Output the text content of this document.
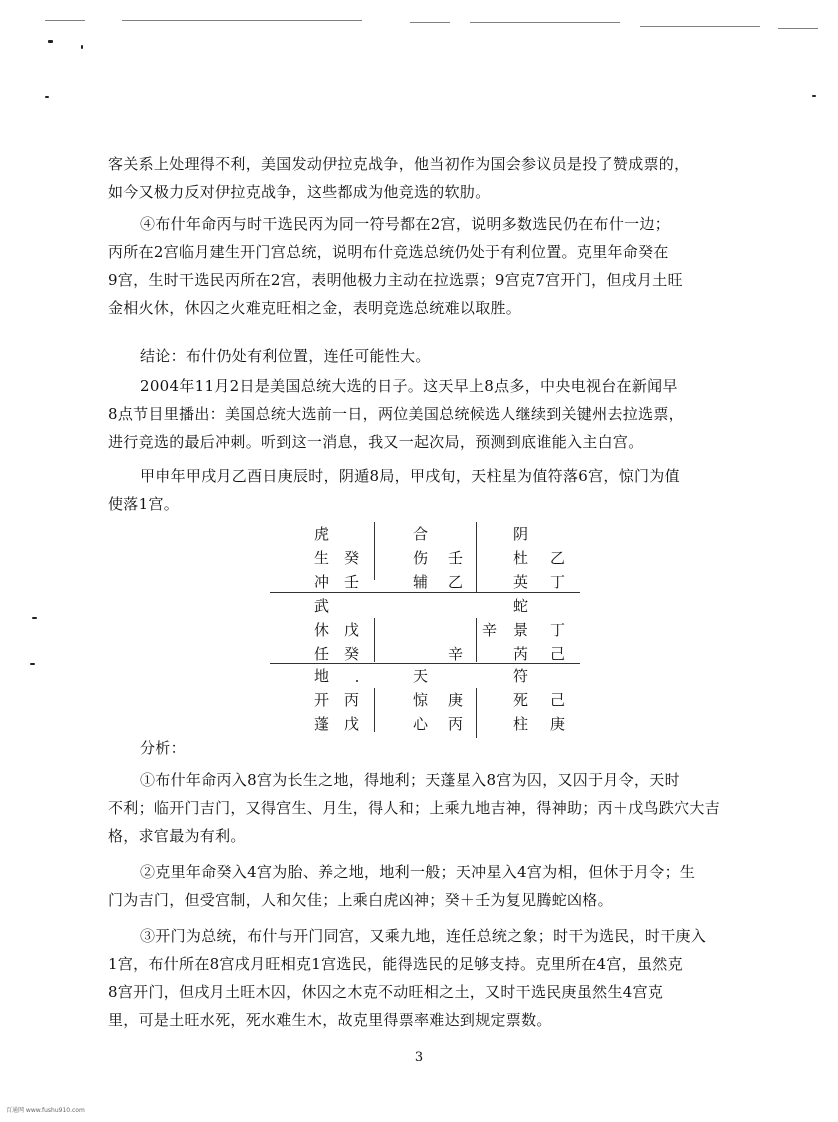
客关系上处理得不利，美国发动伊拉克战争，他当初作为国会参议员是投了赞成票的，
如今又极力反对伊拉克战争，这些都成为他竞选的软肋。

④布什年命丙与时干选民丙为同一符号都在2宫，说明多数选民仍在布什一边；
丙所在2宫临月建生开门宫总统，说明布什竞选总统仍处于有利位置。克里年命癸在
9宫，生时干选民丙所在2宫，表明他极力主动在拉选票；9宫克7宫开门，但戌月土旺
金相火休，休囚之火难克旺相之金，表明竞选总统难以取胜。

结论：布什仍处有利位置，连任可能性大。

2004年11月2日是美国总统大选的日子。这天早上8点多，中央电视台在新闻早
8点节目里播出：美国总统大选前一日，两位美国总统候选人继续到关键州去拉选票，
进行竞选的最后冲刺。听到这一消息，我又一起次局，预测到底谁能入主白宫。

甲申年甲戌月乙酉日庚辰时，阴遁8局，甲戌旬，天柱星为值符落6宫，惊门为值
使落1宫。

虎
生 癸
冲 壬
合
伤 壬
辅 乙
阴
杜 乙
英 丁
武
休 戊
任 癸	辛
辛
蛇
景 丁
芮 己
地
开 丙
蓬 戊
天
惊 庚
心 丙
符
死 己
柱 庚

分析：

①布什年命丙入8宫为长生之地，得地利；天蓬星入8宫为囚，又囚于月令，天时
不利；临开门吉门，又得宫生、月生，得人和；上乘九地吉神，得神助；丙＋戊鸟跌穴大吉
格，求官最为有利。

②克里年命癸入4宫为胎、养之地，地利一般；天冲星入4宫为相，但休于月令；生
门为吉门，但受宫制，人和欠佳；上乘白虎凶神；癸＋壬为复见腾蛇凶格。

③开门为总统，布什与开门同宫，又乘九地，连任总统之象；时干为选民，时干庚入
1宫，布什所在8宫戌月旺相克1宫选民，能得选民的足够支持。克里所在4宫，虽然克
8宫开门，但戌月土旺木囚，休囚之木克不动旺相之土，又时干选民庚虽然生4宫克
里，可是土旺水死，死水难生木，故克里得票率难达到规定票数。

3
百通网 www.fushu910.com
